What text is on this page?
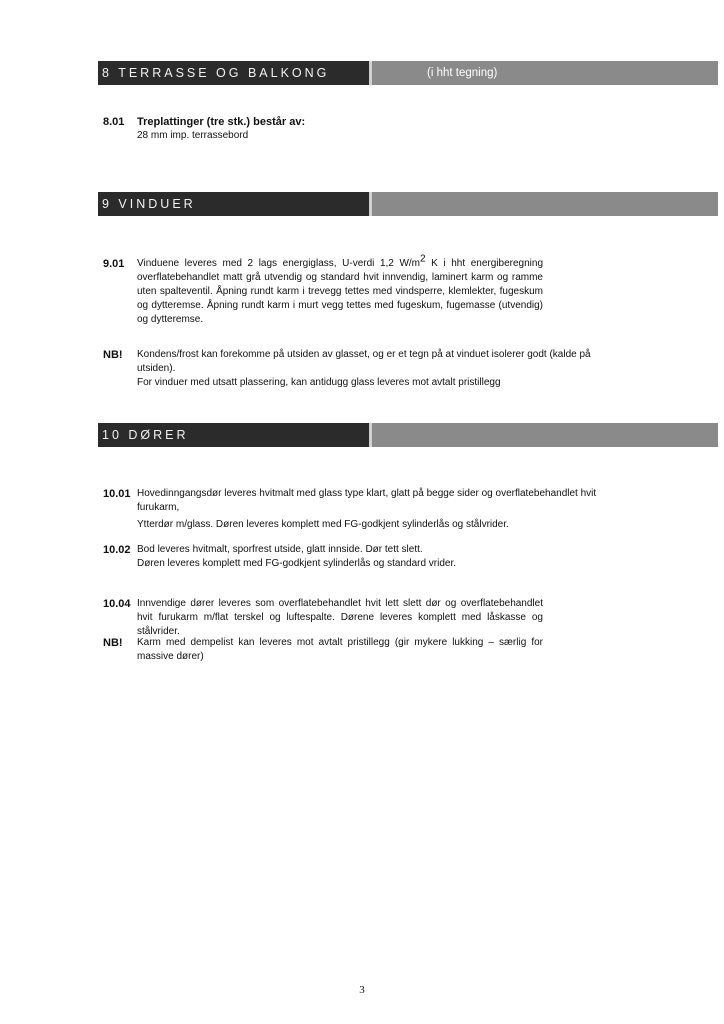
8 TERRASSE OG BALKONG	(i hht tegning)
8.01 Treplattinger (tre stk.) består av:

28 mm imp. terrassebord

9 VINDUER
9.01 Vinduene leveres med 2 lags energiglass, U-verdi 1,2 $W/m^2$ K i hht energiberegning overflatebehandlet matt grå utvendig og standard hvit innvendig, laminert karm og ramme uten spalteventil. Åpning rundt karm i trevegg tettes med vindsperre, klemlekter, fugeskum og dytteremse. Åpning rundt karm i murt vegg tettes med fugeskum, fugemasse (utvendig) og dytteremse.

NB! Kondens/frost kan forekomme på utsiden av glasset, og er et tegn på at vinduet isolerer godt (kalde på utsiden).

For vinduer med utsatt plassering, kan antidugg glass leveres mot avtalt pristillegg

10 DØRER
10.01 Hovedinngangsdør leveres hvitmalt med glass type klart, glatt på begge sider og overflatebehandlet hvit furukarm,

Ytterdør m/glass. Døren leveres komplett med FG-godkjent sylinderlås og stålvrider.

10.02 Bod leveres hvitmalt, sporfrest utside, glatt innside. Dør tett slett.

Døren leveres komplett med FG-godkjent sylinderlås og standard vrider.

10.04 Innvendige dører leveres som overflatebehandlet hvit lett slett dør og overflatebehandlet hvit furukarm m/flat terskel og luftespalte. Dørene leveres komplett med låskasse og stålvrider.

NB! Karm med dempelist kan leveres mot avtalt pristillegg (gir mykere lukking – særlig for massive dører)

3
